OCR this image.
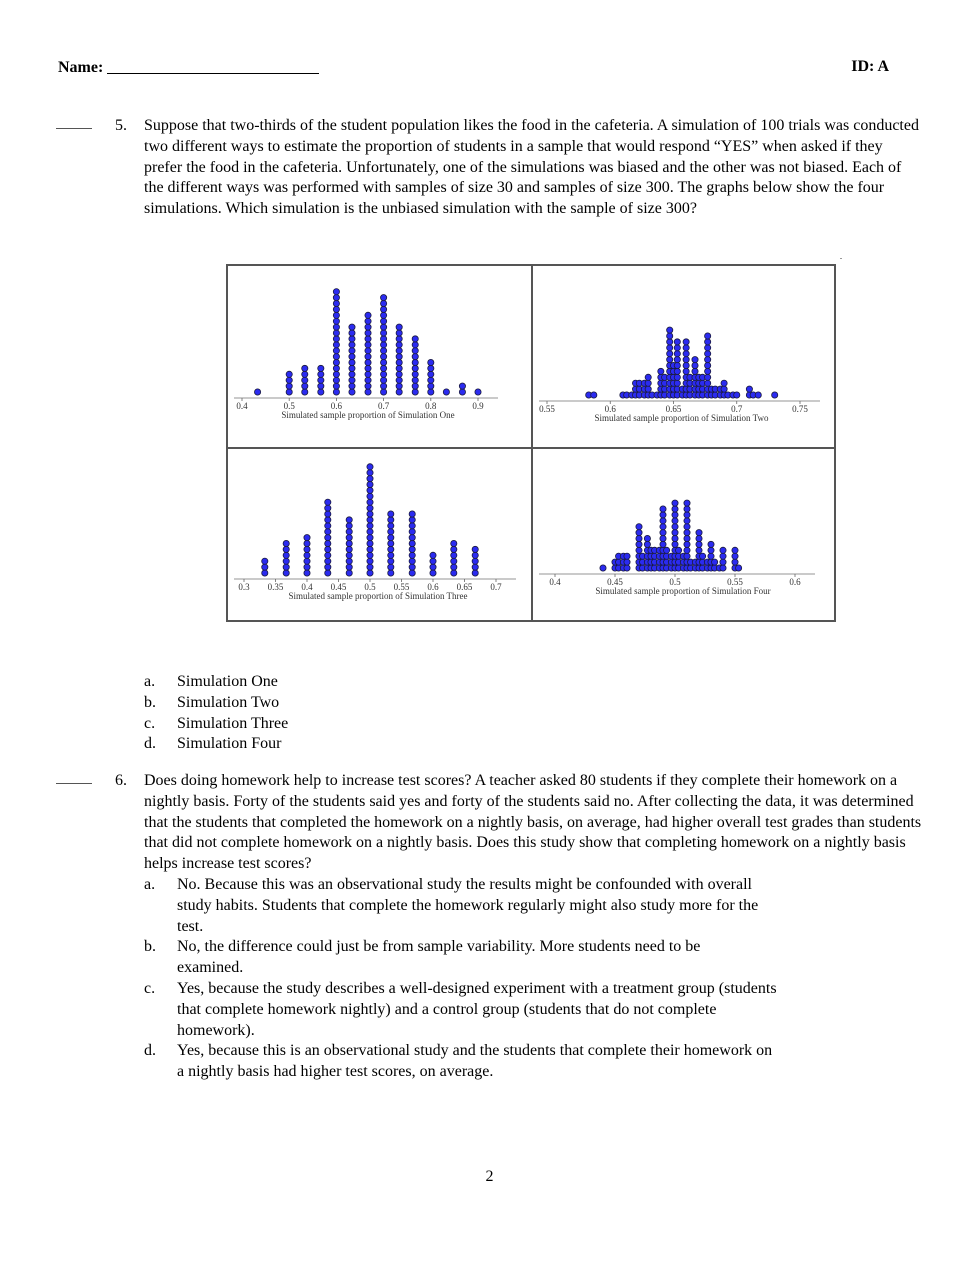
Name:	ID: A
5. Suppose that two-thirds of the student population likes the food in the cafeteria. A simulation of 100 trials was conducted two different ways to estimate the proportion of students in a sample that would respond “YES” when asked if they prefer the food in the cafeteria. Unfortunately, one of the simulations was biased and the other was not biased. Each of the different ways was performed with samples of size 30 and samples of size 300. The graphs below show the four simulations. Which simulation is the unbiased simulation with the sample of size 300?
0.4	0.5	0.6	0.7	0.8	0.9
Simulated sample proportion of Simulation One
0.55	0.6	0.65	0.7	0.75
Simulated sample proportion of Simulation Two
0.3 0.35 0.4 0.45 0.5 0.55 0.6 0.65 0.7
Simulated sample proportion of Simulation Three
0.4	0.45	0.5	0.55	0.6
Simulated sample proportion of Simulation Four
a. Simulation One
b. Simulation Two
c. Simulation Three
d. Simulation Four
6. Does doing homework help to increase test scores? A teacher asked 80 students if they complete their homework on a nightly basis. Forty of the students said yes and forty of the students said no. After collecting the data, it was determined that the students that completed the homework on a nightly basis, on average, had higher overall test grades than students that did not complete homework on a nightly basis. Does this study show that completing homework on a nightly basis helps increase test scores?
a. No. Because this was an observational study the results might be confounded with overall study habits. Students that complete the homework regularly might also study more for the test.
b. No, the difference could just be from sample variability. More students need to be examined.
c. Yes, because the study describes a well-designed experiment with a treatment group (students that complete homework nightly) and a control group (students that do not complete homework).
d. Yes, because this is an observational study and the students that complete their homework on a nightly basis had higher test scores, on average.
2
